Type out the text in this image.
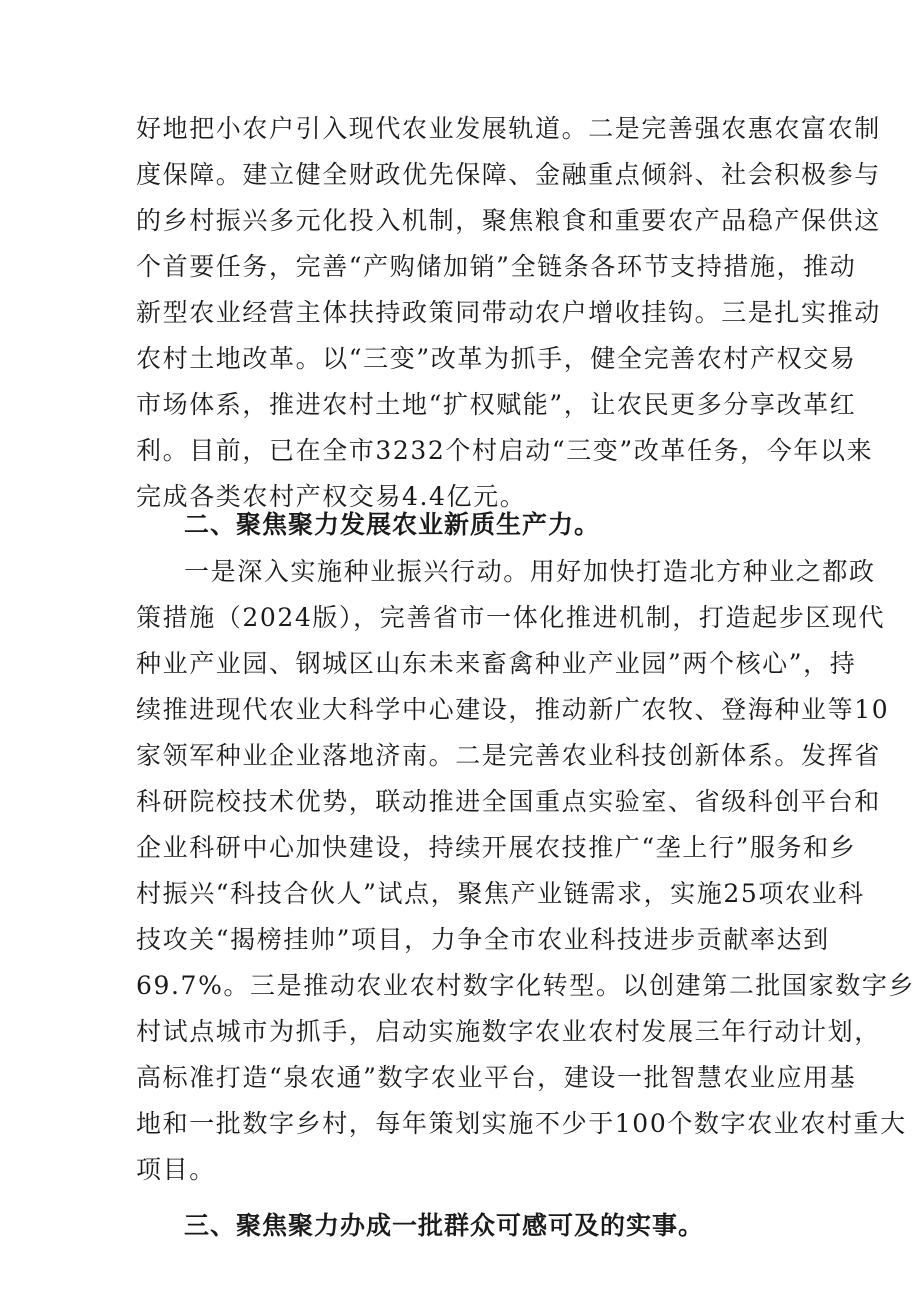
好地把小农户引入现代农业发展轨道。二是完善强农惠农富农制
度保障。建立健全财政优先保障、金融重点倾斜、社会积极参与
的乡村振兴多元化投入机制，聚焦粮食和重要农产品稳产保供这
个首要任务，完善“产购储加销”全链条各环节支持措施，推动
新型农业经营主体扶持政策同带动农户增收挂钩。三是扎实推动
农村土地改革。以“三变”改革为抓手，健全完善农村产权交易
市场体系，推进农村土地“扩权赋能”，让农民更多分享改革红
利。目前，已在全市3232个村启动“三变”改革任务，今年以来
完成各类农村产权交易4.4亿元。
二、聚焦聚力发展农业新质生产力。
一是深入实施种业振兴行动。用好加快打造北方种业之都政
策措施（2024版），完善省市一体化推进机制，打造起步区现代
种业产业园、钢城区山东未来畜禽种业产业园”两个核心”，持
续推进现代农业大科学中心建设，推动新广农牧、登海种业等10
家领军种业企业落地济南。二是完善农业科技创新体系。发挥省
科研院校技术优势，联动推进全国重点实验室、省级科创平台和
企业科研中心加快建设，持续开展农技推广“垄上行”服务和乡
村振兴“科技合伙人”试点，聚焦产业链需求，实施25项农业科
技攻关“揭榜挂帅”项目，力争全市农业科技进步贡献率达到
69.7%。三是推动农业农村数字化转型。以创建第二批国家数字乡
村试点城市为抓手，启动实施数字农业农村发展三年行动计划，
高标准打造“泉农通”数字农业平台，建设一批智慧农业应用基
地和一批数字乡村，每年策划实施不少于100个数字农业农村重大
项目。
三、聚焦聚力办成一批群众可感可及的实事。
